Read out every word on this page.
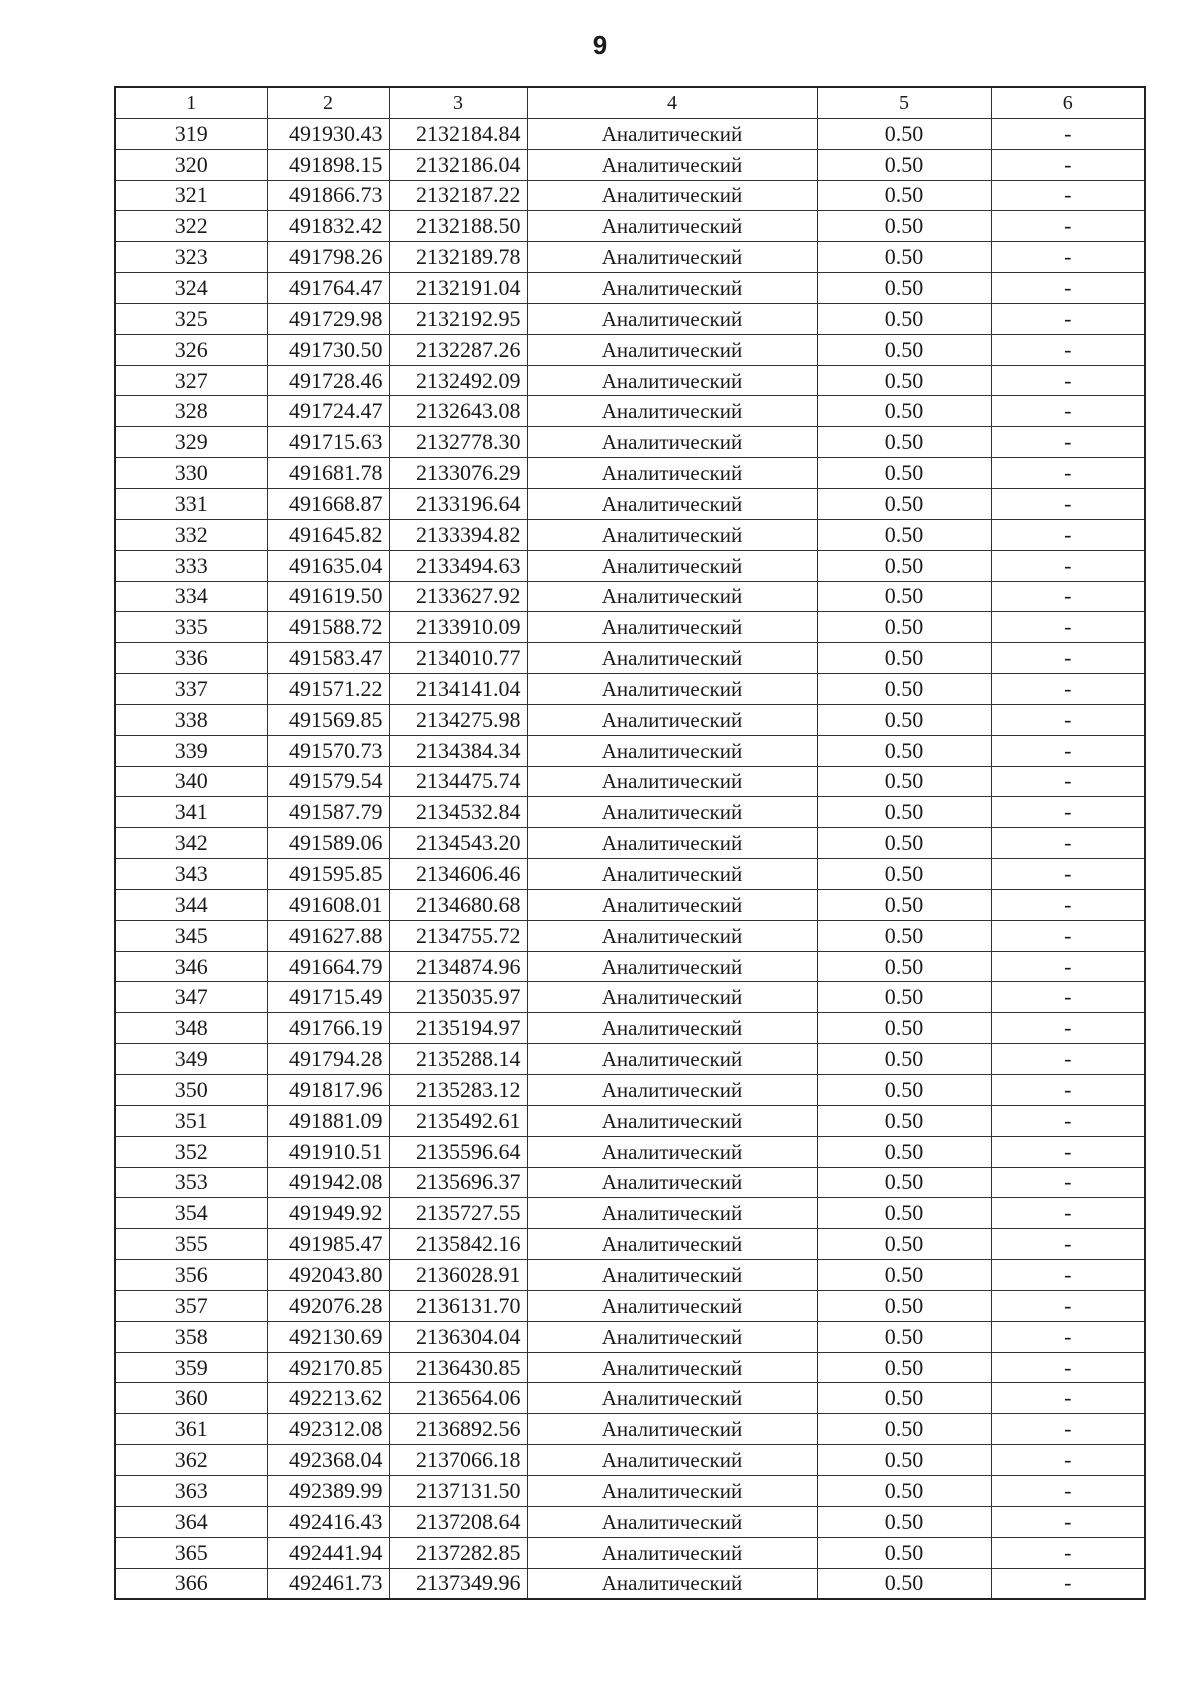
9
1	2	3	4	5	6
319	491930.43	2132184.84	Аналитический	0.50	-
320	491898.15	2132186.04	Аналитический	0.50	-
321	491866.73	2132187.22	Аналитический	0.50	-
322	491832.42	2132188.50	Аналитический	0.50	-
323	491798.26	2132189.78	Аналитический	0.50	-
324	491764.47	2132191.04	Аналитический	0.50	-
325	491729.98	2132192.95	Аналитический	0.50	-
326	491730.50	2132287.26	Аналитический	0.50	-
327	491728.46	2132492.09	Аналитический	0.50	-
328	491724.47	2132643.08	Аналитический	0.50	-
329	491715.63	2132778.30	Аналитический	0.50	-
330	491681.78	2133076.29	Аналитический	0.50	-
331	491668.87	2133196.64	Аналитический	0.50	-
332	491645.82	2133394.82	Аналитический	0.50	-
333	491635.04	2133494.63	Аналитический	0.50	-
334	491619.50	2133627.92	Аналитический	0.50	-
335	491588.72	2133910.09	Аналитический	0.50	-
336	491583.47	2134010.77	Аналитический	0.50	-
337	491571.22	2134141.04	Аналитический	0.50	-
338	491569.85	2134275.98	Аналитический	0.50	-
339	491570.73	2134384.34	Аналитический	0.50	-
340	491579.54	2134475.74	Аналитический	0.50	-
341	491587.79	2134532.84	Аналитический	0.50	-
342	491589.06	2134543.20	Аналитический	0.50	-
343	491595.85	2134606.46	Аналитический	0.50	-
344	491608.01	2134680.68	Аналитический	0.50	-
345	491627.88	2134755.72	Аналитический	0.50	-
346	491664.79	2134874.96	Аналитический	0.50	-
347	491715.49	2135035.97	Аналитический	0.50	-
348	491766.19	2135194.97	Аналитический	0.50	-
349	491794.28	2135288.14	Аналитический	0.50	-
350	491817.96	2135283.12	Аналитический	0.50	-
351	491881.09	2135492.61	Аналитический	0.50	-
352	491910.51	2135596.64	Аналитический	0.50	-
353	491942.08	2135696.37	Аналитический	0.50	-
354	491949.92	2135727.55	Аналитический	0.50	-
355	491985.47	2135842.16	Аналитический	0.50	-
356	492043.80	2136028.91	Аналитический	0.50	-
357	492076.28	2136131.70	Аналитический	0.50	-
358	492130.69	2136304.04	Аналитический	0.50	-
359	492170.85	2136430.85	Аналитический	0.50	-
360	492213.62	2136564.06	Аналитический	0.50	-
361	492312.08	2136892.56	Аналитический	0.50	-
362	492368.04	2137066.18	Аналитический	0.50	-
363	492389.99	2137131.50	Аналитический	0.50	-
364	492416.43	2137208.64	Аналитический	0.50	-
365	492441.94	2137282.85	Аналитический	0.50	-
366	492461.73	2137349.96	Аналитический	0.50	-
